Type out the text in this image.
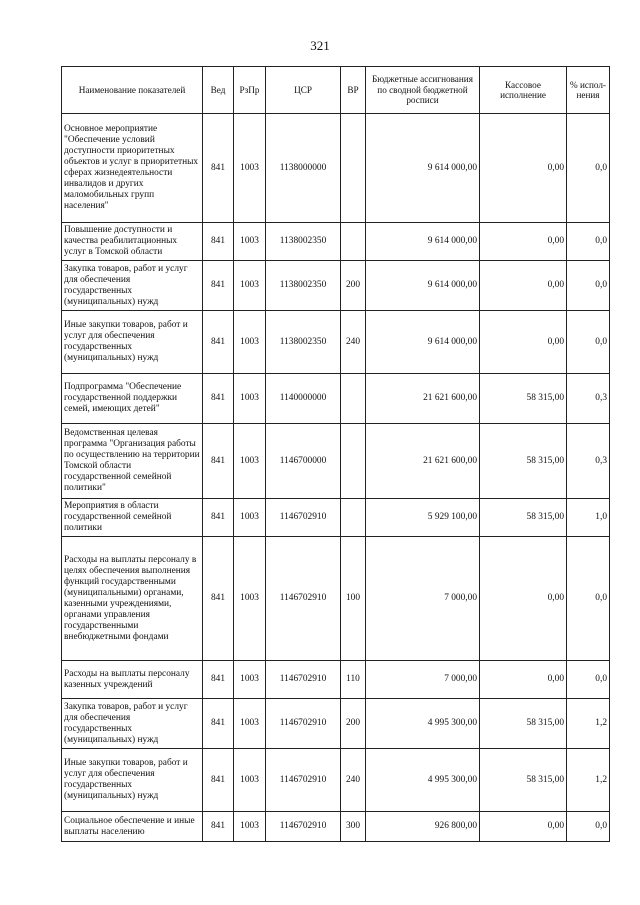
321
Наименование показателей	Вед	РзПр	ЦСР	ВР	Бюджетные ассигнования по сводной бюджетной росписи	Кассовое исполнение	% испол-нения
Основное мероприятие "Обеспечение условий доступности приоритетных объектов и услуг в приоритетных сферах жизнедеятельности инвалидов и других маломобильных групп населения"	841	1003	1138000000		9 614 000,00	0,00	0,0
Повышение доступности и качества реабилитационных услуг в Томской области	841	1003	1138002350		9 614 000,00	0,00	0,0
Закупка товаров, работ и услуг для обеспечения государственных (муниципальных) нужд	841	1003	1138002350	200	9 614 000,00	0,00	0,0
Иные закупки товаров, работ и услуг для обеспечения государственных (муниципальных) нужд	841	1003	1138002350	240	9 614 000,00	0,00	0,0
Подпрограмма "Обеспечение государственной поддержки семей, имеющих детей"	841	1003	1140000000		21 621 600,00	58 315,00	0,3
Ведомственная целевая программа "Организация работы по осуществлению на территории Томской области государственной семейной политики"	841	1003	1146700000		21 621 600,00	58 315,00	0,3
Мероприятия в области государственной семейной политики	841	1003	1146702910		5 929 100,00	58 315,00	1,0
Расходы на выплаты персоналу в целях обеспечения выполнения функций государственными (муниципальными) органами, казенными учреждениями, органами управления государственными внебюджетными фондами	841	1003	1146702910	100	7 000,00	0,00	0,0
Расходы на выплаты персоналу казенных учреждений	841	1003	1146702910	110	7 000,00	0,00	0,0
Закупка товаров, работ и услуг для обеспечения государственных (муниципальных) нужд	841	1003	1146702910	200	4 995 300,00	58 315,00	1,2
Иные закупки товаров, работ и услуг для обеспечения государственных (муниципальных) нужд	841	1003	1146702910	240	4 995 300,00	58 315,00	1,2
Социальное обеспечение и иные выплаты населению	841	1003	1146702910	300	926 800,00	0,00	0,0
